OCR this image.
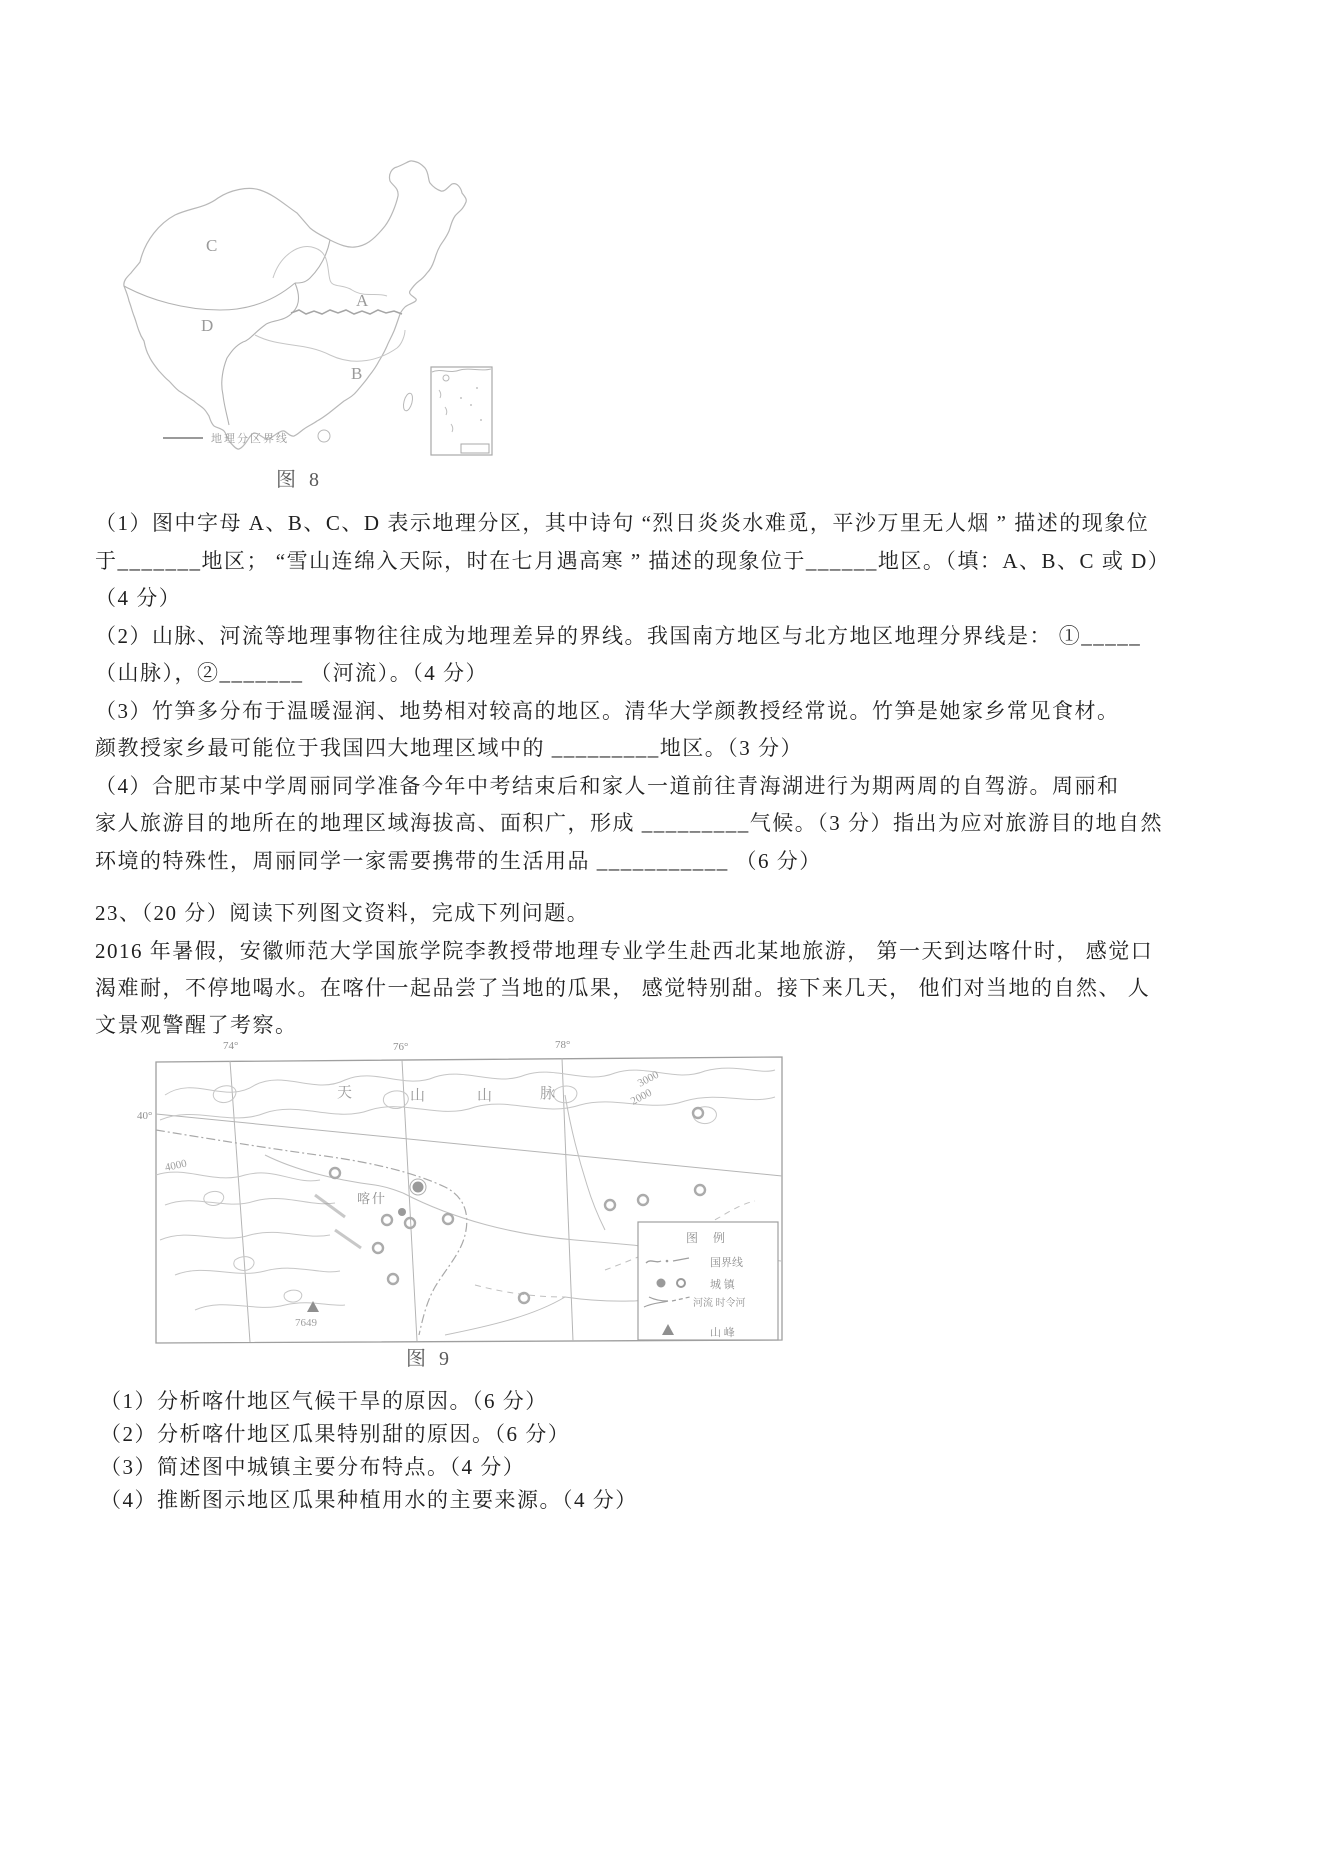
A
B
C
D
地理分区界线
图 8
（1）图中字母 A、B、C、D 表示地理分区，其中诗句 “烈日炎炎水难觅，平沙万里无人烟 ” 描述的现象位
于_______地区； “雪山连绵入天际，时在七月遇高寒 ” 描述的现象位于______地区。（填：A、B、C 或 D）
（4 分）
（2）山脉、河流等地理事物往往成为地理差异的界线。我国南方地区与北方地区地理分界线是： ①_____
（山脉），②_______ （河流）。（4 分）
（3）竹笋多分布于温暖湿润、地势相对较高的地区。清华大学颜教授经常说。竹笋是她家乡常见食材。
颜教授家乡最可能位于我国四大地理区域中的 _________地区。（3 分）
（4）合肥市某中学周丽同学准备今年中考结束后和家人一道前往青海湖进行为期两周的自驾游。周丽和
家人旅游目的地所在的地理区域海拔高、面积广，形成 _________气候。（3 分）指出为应对旅游目的地自然
环境的特殊性，周丽同学一家需要携带的生活用品 ___________ （6 分）
23、（20 分）阅读下列图文资料，完成下列问题。
2016 年暑假，安徽师范大学国旅学院李教授带地理专业学生赴西北某地旅游， 第一天到达喀什时， 感觉口
渴难耐，不停地喝水。在喀什一起品尝了当地的瓜果， 感觉特别甜。接下来几天， 他们对当地的自然、 人
文景观警醒了考察。
天	山	山	脉
74°	76°	78°
40°
4000
3000
2000
喀什
7649
图 例
国界线
城 镇
河流 时令河
山 峰
图 9
（1）分析喀什地区气候干旱的原因。（6 分）
（2）分析喀什地区瓜果特别甜的原因。（6 分）
（3）简述图中城镇主要分布特点。（4 分）
（4）推断图示地区瓜果种植用水的主要来源。（4 分）
